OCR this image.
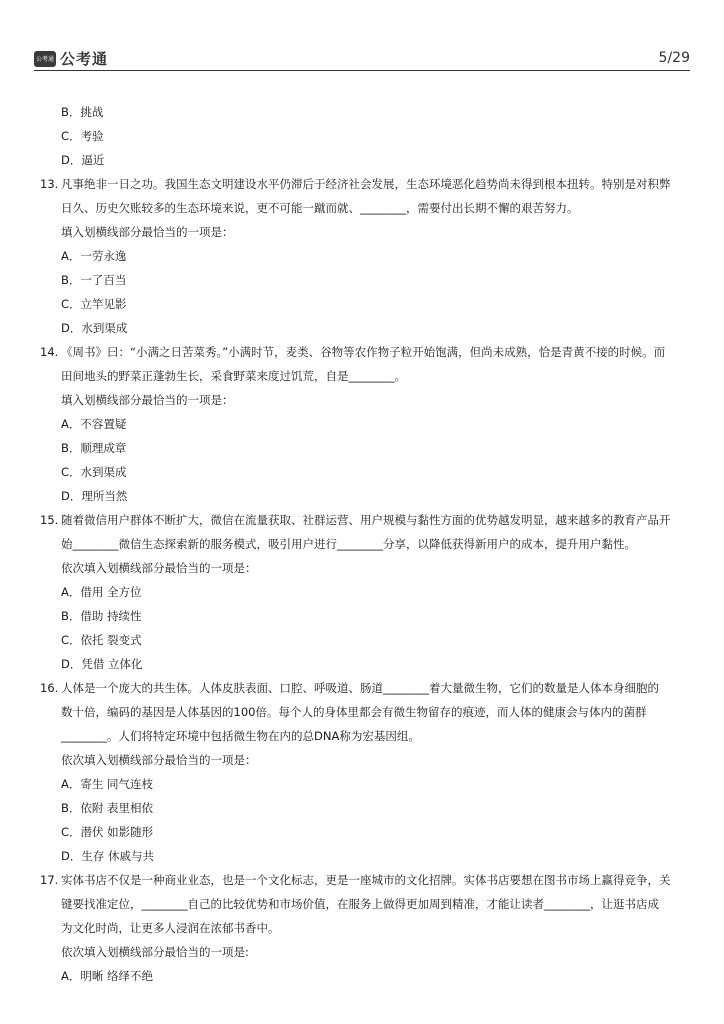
公考通 公考通	5/29
B．挑战
C．考验
D．逼近
13. 凡事绝非一日之功。我国生态文明建设水平仍滞后于经济社会发展，生态环境恶化趋势尚未得到根本扭转。特别是对积弊
日久、历史欠账较多的生态环境来说，更不可能一蹴而就、________，需要付出长期不懈的艰苦努力。
填入划横线部分最恰当的一项是：
A．一劳永逸
B．一了百当
C．立竿见影
D．水到渠成
14. 《周书》曰：“小满之日苦菜秀。”小满时节，麦类、谷物等农作物子粒开始饱满，但尚未成熟，恰是青黄不接的时候。而
田间地头的野菜正蓬勃生长，采食野菜来度过饥荒，自是________。
填入划横线部分最恰当的一项是：
A．不容置疑
B．顺理成章
C．水到渠成
D．理所当然
15. 随着微信用户群体不断扩大，微信在流量获取、社群运营、用户规模与黏性方面的优势越发明显，越来越多的教育产品开
始________微信生态探索新的服务模式，吸引用户进行________分享，以降低获得新用户的成本，提升用户黏性。
依次填入划横线部分最恰当的一项是：
A．借用 全方位
B．借助 持续性
C．依托 裂变式
D．凭借 立体化
16. 人体是一个庞大的共生体。人体皮肤表面、口腔、呼吸道、肠道________着大量微生物，它们的数量是人体本身细胞的
数十倍，编码的基因是人体基因的100倍。每个人的身体里都会有微生物留存的痕迹，而人体的健康会与体内的菌群
________。人们将特定环境中包括微生物在内的总DNA称为宏基因组。
依次填入划横线部分最恰当的一项是：
A．寄生 同气连枝
B．依附 表里相依
C．潜伏 如影随形
D．生存 休戚与共
17. 实体书店不仅是一种商业业态，也是一个文化标志，更是一座城市的文化招牌。实体书店要想在图书市场上赢得竞争，关
键要找准定位，________自己的比较优势和市场价值，在服务上做得更加周到精准，才能让读者________，让逛书店成
为文化时尚，让更多人浸润在浓郁书香中。
依次填入划横线部分最恰当的一项是:
A．明晰 络绎不绝
